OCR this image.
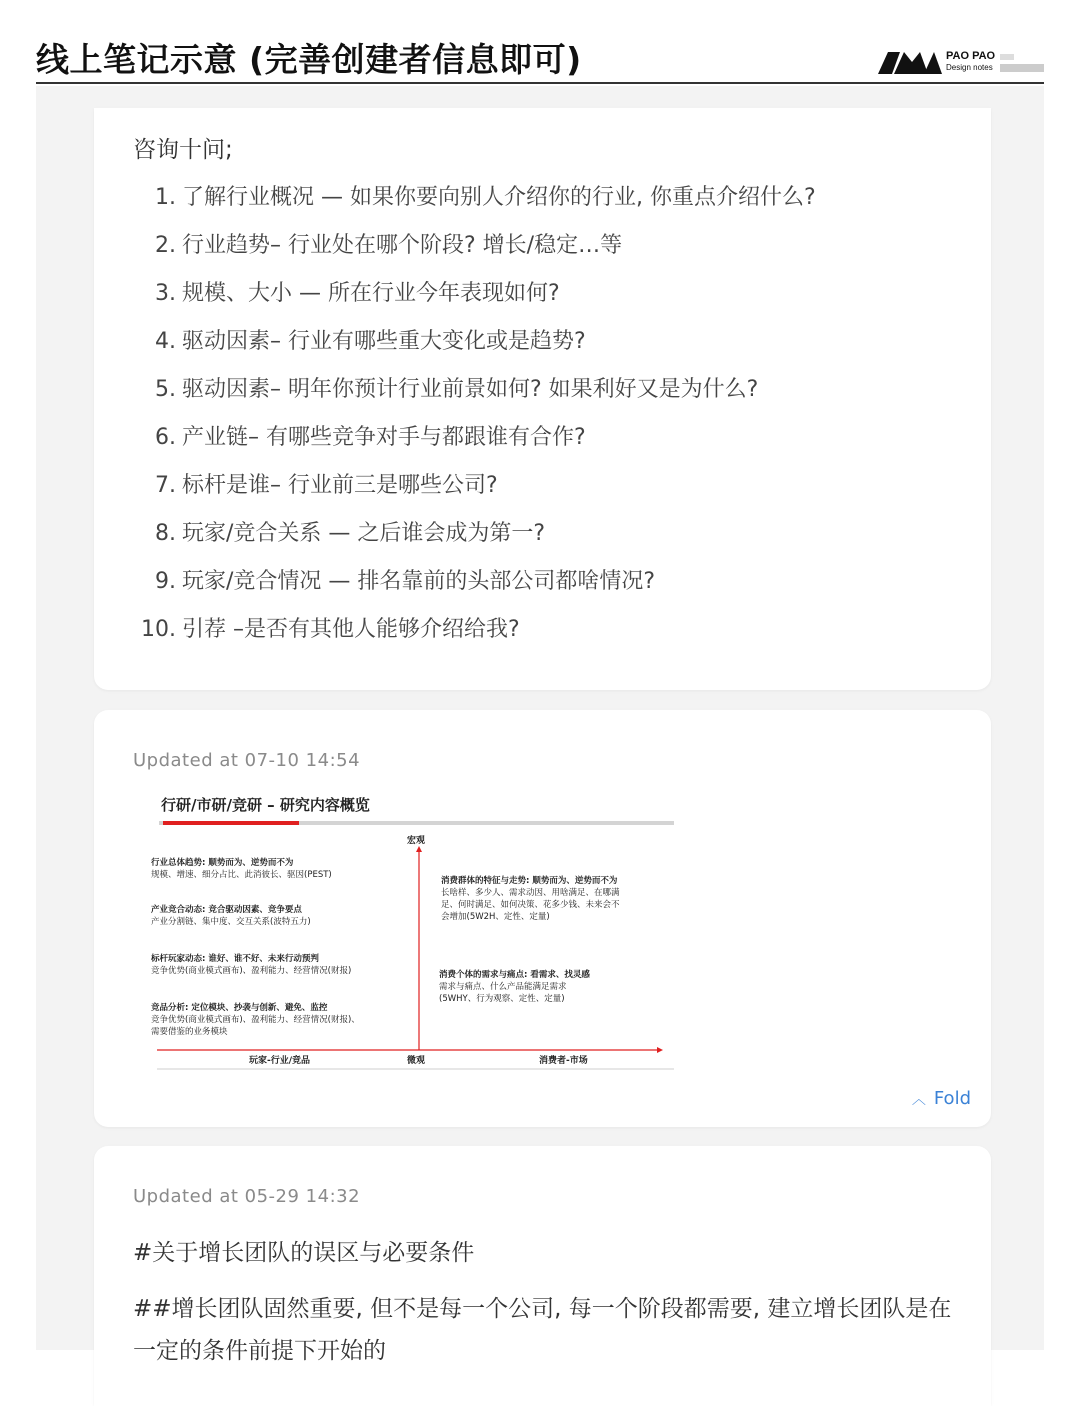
线上笔记示意 (完善创建者信息即可)	PAO PAO
Design notes
咨询十问;
1. 了解行业概况 — 如果你要向别人介绍你的行业, 你重点介绍什么?
2. 行业趋势– 行业处在哪个阶段? 增长/稳定…等
3. 规模、大小 — 所在行业今年表现如何?
4. 驱动因素– 行业有哪些重大变化或是趋势?
5. 驱动因素– 明年你预计行业前景如何? 如果利好又是为什么?
6. 产业链– 有哪些竞争对手与都跟谁有合作?
7. 标杆是谁– 行业前三是哪些公司?
8. 玩家/竞合关系 — 之后谁会成为第一?
9. 玩家/竞合情况 — 排名靠前的头部公司都啥情况?
10. 引荐 –是否有其他人能够介绍给我?
Updated at 07-10 14:54
行研/市研/竞研 – 研究内容概览
宏观
行业总体趋势: 顺势而为、逆势而不为
规模、增速、细分占比、此消彼长、驱因(PEST)
产业竞合动态: 竞合驱动因素、竞争要点
产业分割链、集中度、交互关系(波特五力)
标杆玩家动态: 谁好、谁不好、未来行动预判
竞争优势(商业模式画布)、盈利能力、经营情况(财报)
竞品分析: 定位模块、抄袭与创新、避免、监控
竞争优势(商业模式画布)、盈利能力、经营情况(财报)、
需要借鉴的业务模块
消费群体的特征与走势: 顺势而为、逆势而不为
长啥样、多少人、需求动因、用啥满足、在哪满
足、何时满足、如何决策、花多少钱、未来会不
会增加(5W2H、定性、定量)
消费个体的需求与痛点: 看需求、找灵感
需求与痛点、什么产品能满足需求
(5WHY、行为观察、定性、定量)
玩家-行业/竞品	微观	消费者-市场
︿ Fold
Updated at 05-29 14:32
#关于增长团队的误区与必要条件
##增长团队固然重要, 但不是每一个公司, 每一个阶段都需要, 建立增长团队是在一定的条件前提下开始的
